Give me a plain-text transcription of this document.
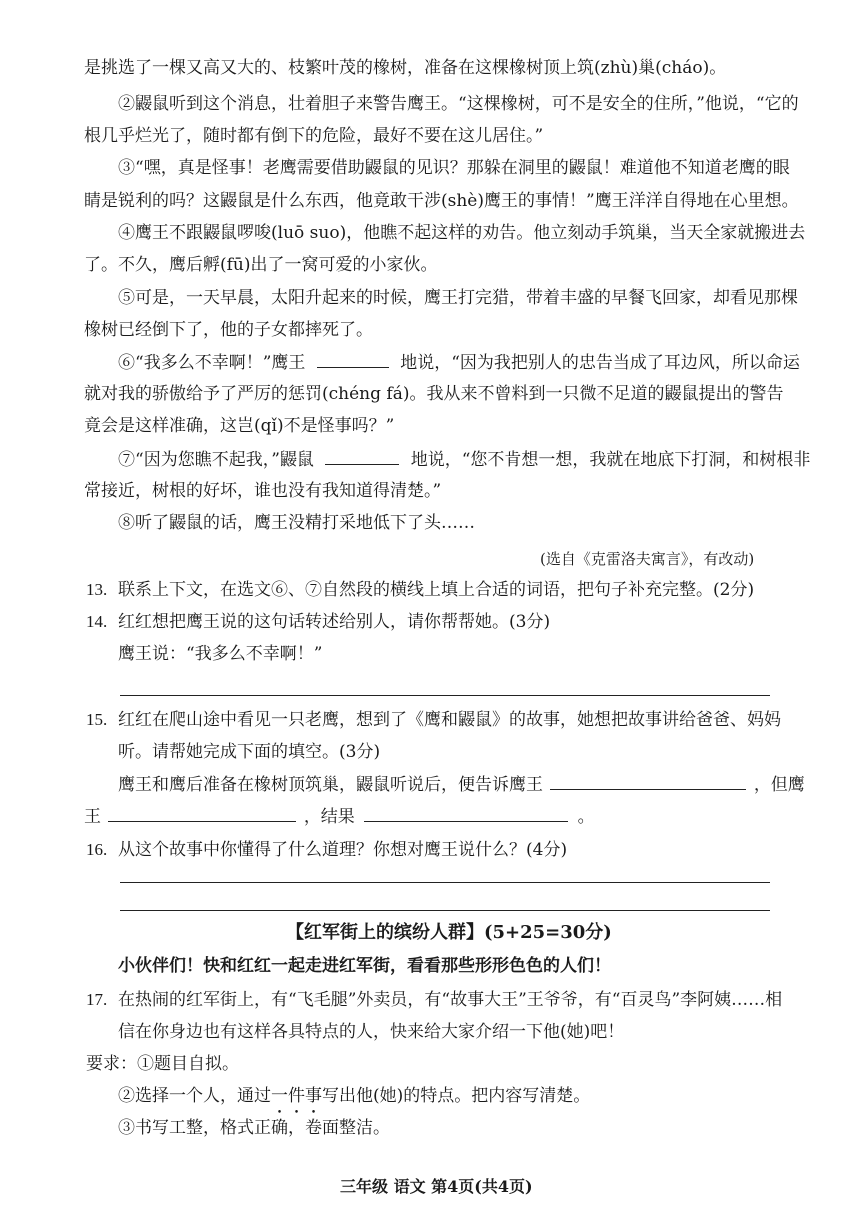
是挑选了一棵又高又大的、枝繁叶茂的橡树，准备在这棵橡树顶上筑(zhù)巢(cháo)。
②鼹鼠听到这个消息，壮着胆子来警告鹰王。“这棵橡树，可不是安全的住所，”他说，“它的
根几乎烂光了，随时都有倒下的危险，最好不要在这儿居住。”
③“嘿，真是怪事！老鹰需要借助鼹鼠的见识？那躲在洞里的鼹鼠！难道他不知道老鹰的眼
睛是锐利的吗？这鼹鼠是什么东西，他竟敢干涉(shè)鹰王的事情！”鹰王洋洋自得地在心里想。
④鹰王不跟鼹鼠啰唆(luō suo)，他瞧不起这样的劝告。他立刻动手筑巢，当天全家就搬进去
了。不久，鹰后孵(fū)出了一窝可爱的小家伙。
⑤可是，一天早晨，太阳升起来的时候，鹰王打完猎，带着丰盛的早餐飞回家，却看见那棵
橡树已经倒下了，他的子女都摔死了。
⑥“我多么不幸啊！”鹰王	地说，“因为我把别人的忠告当成了耳边风，所以命运
就对我的骄傲给予了严厉的惩罚(chéng fá)。我从来不曾料到一只微不足道的鼹鼠提出的警告
竟会是这样准确，这岂(qǐ)不是怪事吗？”
⑦“因为您瞧不起我，”鼹鼠	地说，“您不肯想一想，我就在地底下打洞，和树根非
常接近，树根的好坏，谁也没有我知道得清楚。”
⑧听了鼹鼠的话，鹰王没精打采地低下了头……
(选自《克雷洛夫寓言》，有改动)
13. 联系上下文，在选文⑥、⑦自然段的横线上填上合适的词语，把句子补充完整。(2分)
14. 红红想把鹰王说的这句话转述给别人，请你帮帮她。(3分)
鹰王说：“我多么不幸啊！”
15. 红红在爬山途中看见一只老鹰，想到了《鹰和鼹鼠》的故事，她想把故事讲给爸爸、妈妈
听。请帮她完成下面的填空。(3分)
鹰王和鹰后准备在橡树顶筑巢，鼹鼠听说后，便告诉鹰王	，但鹰
王	，结果	。
16. 从这个故事中你懂得了什么道理？你想对鹰王说什么？(4分)
【红军街上的缤纷人群】(5+25=30分)
小伙伴们！快和红红一起走进红军街，看看那些形形色色的人们！
17. 在热闹的红军街上，有“飞毛腿”外卖员，有“故事大王”王爷爷，有“百灵鸟”李阿姨……相
信在你身边也有这样各具特点的人，快来给大家介绍一下他(她)吧！
要求：①题目自拟。
②选择一个人，通过一件事写出他(她)的特点。把内容写清楚。
③书写工整，格式正确，卷面整洁。
三年级 语文 第4页(共4页)
